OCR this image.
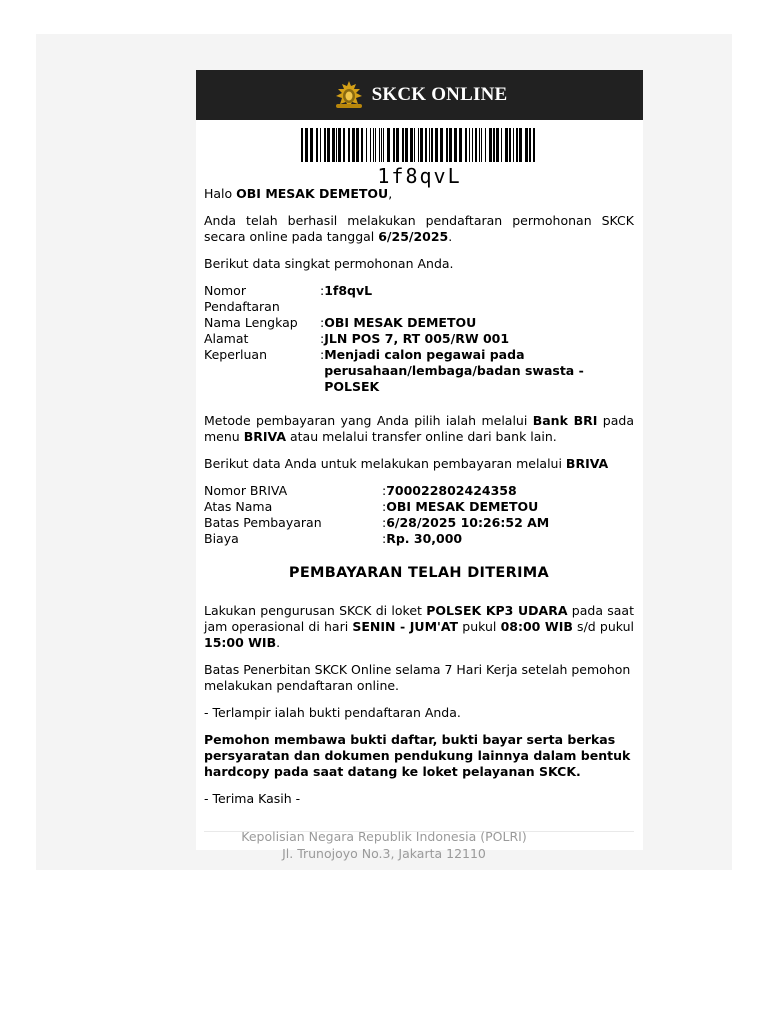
SKCK ONLINE
1f8qvL

Halo OBI MESAK DEMETOU,

Anda telah berhasil melakukan pendaftaran permohonan SKCK secara online pada tanggal 6/25/2025.

Berikut data singkat permohonan Anda.

Nomor Pendaftaran	:	1f8qvL
Nama Lengkap	:	OBI MESAK DEMETOU
Alamat	:	JLN POS 7, RT 005/RW 001
Keperluan	:	Menjadi calon pegawai pada perusahaan/lembaga/badan swasta - POLSEK

Metode pembayaran yang Anda pilih ialah melalui Bank BRI pada menu BRIVA atau melalui transfer online dari bank lain.

Berikut data Anda untuk melakukan pembayaran melalui BRIVA

Nomor BRIVA	:	700022802424358
Atas Nama	:	OBI MESAK DEMETOU
Batas Pembayaran	:	6/28/2025 10:26:52 AM
Biaya	:	Rp. 30,000
PEMBAYARAN TELAH DITERIMA

Lakukan pengurusan SKCK di loket POLSEK KP3 UDARA pada saat jam operasional di hari SENIN - JUM'AT pukul 08:00 WIB s/d pukul 15:00 WIB.

Batas Penerbitan SKCK Online selama 7 Hari Kerja setelah pemohon melakukan pendaftaran online.

- Terlampir ialah bukti pendaftaran Anda.

Pemohon membawa bukti daftar, bukti bayar serta berkas persyaratan dan dokumen pendukung lainnya dalam bentuk hardcopy pada saat datang ke loket pelayanan SKCK.

- Terima Kasih -

Kepolisian Negara Republik Indonesia (POLRI)
Jl. Trunojoyo No.3, Jakarta 12110
